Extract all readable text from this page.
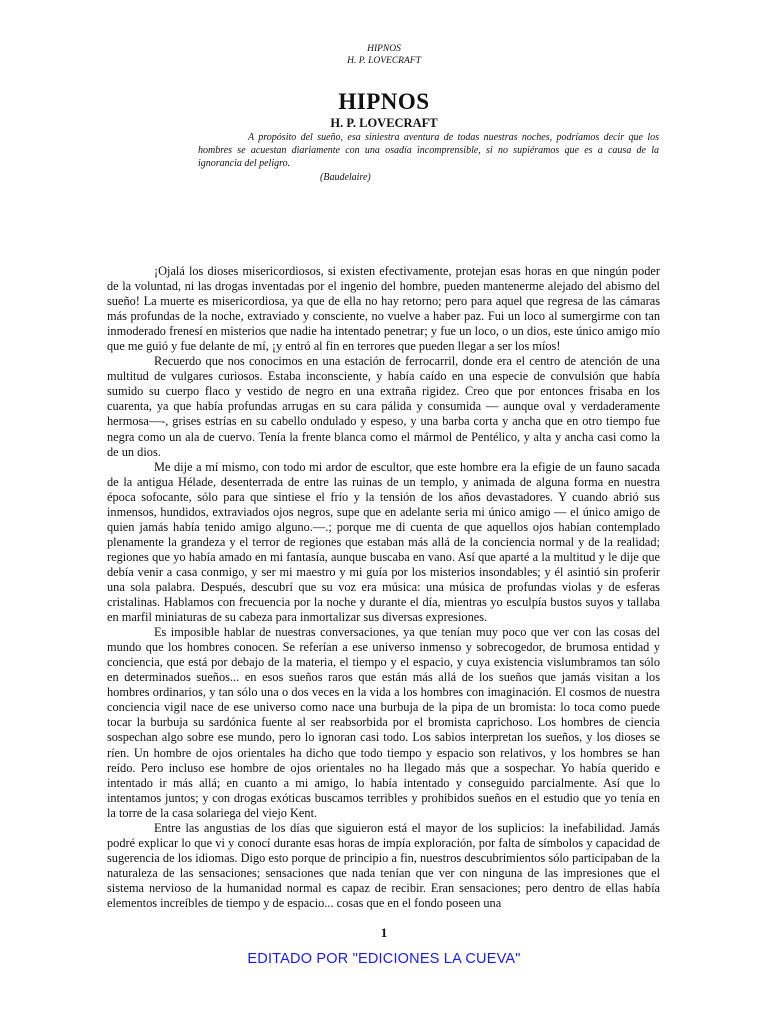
HIPNOS
H. P. LOVECRAFT
HIPNOS
H. P. LOVECRAFT
A propósito del sueño, esa siniestra aventura de todas nuestras noches, podríamos decir que los hombres se acuestan diariamente con una osadía incomprensible, si no supiéramos que es a causa de la ignorancia del peligro.
(Baudelaire)

¡Ojalá los dioses misericordiosos, si existen efectivamente, protejan esas horas en que ningún poder de la voluntad, ni las drogas inventadas por el ingenio del hombre, pueden mantenerme alejado del abismo del sueño! La muerte es misericordiosa, ya que de ella no hay retorno; pero para aquel que regresa de las cámaras más profundas de la noche, extraviado y consciente, no vuelve a haber paz. Fui un loco al sumergirme con tan inmoderado frenesí en misterios que nadie ha intentado penetrar; y fue un loco, o un dios, este único amigo mío que me guió y fue delante de mí, ¡y entró al fin en terrores que pueden llegar a ser los míos!

Recuerdo que nos conocimos en una estación de ferrocarril, donde era el centro de atención de una multitud de vulgares curiosos. Estaba inconsciente, y había caído en una especie de convulsión que había sumido su cuerpo flaco y vestido de negro en una extraña rigidez. Creo que por entonces frisaba en los cuarenta, ya que había profundas arrugas en su cara pálida y consumida — aunque oval y verdaderamente hermosa—-, grises estrías en su cabello ondulado y espeso, y una barba corta y ancha que en otro tiempo fue negra como un ala de cuervo. Tenía la frente blanca como el mármol de Pentélico, y alta y ancha casi como la de un dios.

Me dije a mí mismo, con todo mi ardor de escultor, que este hombre era la efigie de un fauno sacada de la antigua Hélade, desenterrada de entre las ruinas de un templo, y animada de alguna forma en nuestra época sofocante, sólo para que sintiese el frío y la tensión de los años devastadores. Y cuando abrió sus inmensos, hundidos, extraviados ojos negros, supe que en adelante seria mi único amigo — el único amigo de quien jamás había tenido amigo alguno.—.; porque me di cuenta de que aquellos ojos habían contemplado plenamente la grandeza y el terror de regiones que estaban más allá de la conciencia normal y de la realidad; regiones que yo había amado en mi fantasía, aunque buscaba en vano. Así que aparté a la multitud y le dije que debía venir a casa conmigo, y ser mi maestro y mi guía por los misterios insondables; y él asintió sin proferir una sola palabra. Después, descubrí que su voz era música: una música de profundas violas y de esferas cristalinas. Hablamos con frecuencia por la noche y durante el día, mientras yo esculpía bustos suyos y tallaba en marfil miniaturas de su cabeza para inmortalizar sus diversas expresiones.

Es imposible hablar de nuestras conversaciones, ya que tenían muy poco que ver con las cosas del mundo que los hombres conocen. Se referían a ese universo inmenso y sobrecogedor, de brumosa entidad y conciencia, que está por debajo de la materia, el tiempo y el espacio, y cuya existencia vislumbramos tan sólo en determinados sueños... en esos sueños raros que están más allá de los sueños que jamás visitan a los hombres ordinarios, y tan sólo una o dos veces en la vida a los hombres con imaginación. El cosmos de nuestra conciencia vigil nace de ese universo como nace una burbuja de la pipa de un bromista: lo toca como puede tocar la burbuja su sardónica fuente al ser reabsorbida por el bromista caprichoso. Los hombres de ciencia sospechan algo sobre ese mundo, pero lo ignoran casi todo. Los sabios interpretan los sueños, y los dioses se ríen. Un hombre de ojos orientales ha dicho que todo tiempo y espacio son relativos, y los hombres se han reído. Pero incluso ese hombre de ojos orientales no ha llegado más que a sospechar. Yo había querido e intentado ir más allá; en cuanto a mi amigo, lo había intentado y conseguido parcialmente. Así que lo intentamos juntos; y con drogas exóticas buscamos terribles y prohibidos sueños en el estudio que yo tenía en la torre de la casa solariega del viejo Kent.

Entre las angustias de los días que siguieron está el mayor de los suplicios: la inefabilidad. Jamás podré explicar lo que vi y conocí durante esas horas de impía exploración, por falta de símbolos y capacidad de sugerencia de los idiomas. Digo esto porque de principio a fin, nuestros descubrimientos sólo participaban de la naturaleza de las sensaciones; sensaciones que nada tenían que ver con ninguna de las impresiones que el sistema nervioso de la humanidad normal es capaz de recibir. Eran sensaciones; pero dentro de ellas había elementos increíbles de tiempo y de espacio... cosas que en el fondo poseen una

1
EDITADO POR "EDICIONES LA CUEVA"
